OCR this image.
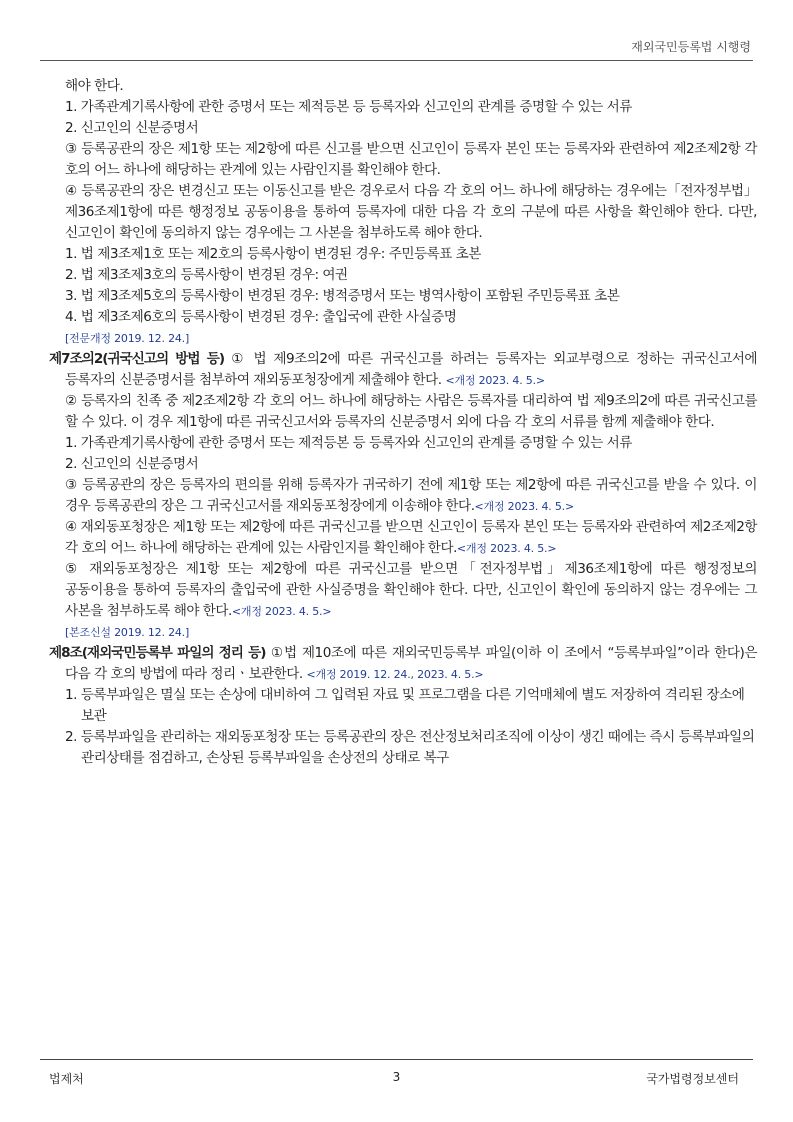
재외국민등록법 시행령

해야 한다.

1. 가족관계기록사항에 관한 증명서 또는 제적등본 등 등록자와 신고인의 관계를 증명할 수 있는 서류

2. 신고인의 신분증명서

③ 등록공관의 장은 제1항 또는 제2항에 따른 신고를 받으면 신고인이 등록자 본인 또는 등록자와 관련하여 제2조제2항 각 호의 어느 하나에 해당하는 관계에 있는 사람인지를 확인해야 한다.

④ 등록공관의 장은 변경신고 또는 이동신고를 받은 경우로서 다음 각 호의 어느 하나에 해당하는 경우에는「전자정부법」제36조제1항에 따른 행정정보 공동이용을 통하여 등록자에 대한 다음 각 호의 구분에 따른 사항을 확인해야 한다. 다만, 신고인이 확인에 동의하지 않는 경우에는 그 사본을 첨부하도록 해야 한다.

1. 법 제3조제1호 또는 제2호의 등록사항이 변경된 경우: 주민등록표 초본

2. 법 제3조제3호의 등록사항이 변경된 경우: 여권

3. 법 제3조제5호의 등록사항이 변경된 경우: 병적증명서 또는 병역사항이 포함된 주민등록표 초본

4. 법 제3조제6호의 등록사항이 변경된 경우: 출입국에 관한 사실증명

[전문개정 2019. 12. 24.]

제7조의2(귀국신고의 방법 등) ① 법 제9조의2에 따른 귀국신고를 하려는 등록자는 외교부령으로 정하는 귀국신고서에 등록자의 신분증명서를 첨부하여 재외동포청장에게 제출해야 한다. <개정 2023. 4. 5.>

② 등록자의 친족 중 제2조제2항 각 호의 어느 하나에 해당하는 사람은 등록자를 대리하여 법 제9조의2에 따른 귀국신고를 할 수 있다. 이 경우 제1항에 따른 귀국신고서와 등록자의 신분증명서 외에 다음 각 호의 서류를 함께 제출해야 한다.

1. 가족관계기록사항에 관한 증명서 또는 제적등본 등 등록자와 신고인의 관계를 증명할 수 있는 서류

2. 신고인의 신분증명서

③ 등록공관의 장은 등록자의 편의를 위해 등록자가 귀국하기 전에 제1항 또는 제2항에 따른 귀국신고를 받을 수 있다. 이 경우 등록공관의 장은 그 귀국신고서를 재외동포청장에게 이송해야 한다.<개정 2023. 4. 5.>

④ 재외동포청장은 제1항 또는 제2항에 따른 귀국신고를 받으면 신고인이 등록자 본인 또는 등록자와 관련하여 제2조제2항 각 호의 어느 하나에 해당하는 관계에 있는 사람인지를 확인해야 한다.<개정 2023. 4. 5.>

⑤ 재외동포청장은 제1항 또는 제2항에 따른 귀국신고를 받으면「전자정부법」제36조제1항에 따른 행정정보의 공동이용을 통하여 등록자의 출입국에 관한 사실증명을 확인해야 한다. 다만, 신고인이 확인에 동의하지 않는 경우에는 그 사본을 첨부하도록 해야 한다.<개정 2023. 4. 5.>

[본조신설 2019. 12. 24.]

제8조(재외국민등록부 파일의 정리 등) ①법 제10조에 따른 재외국민등록부 파일(이하 이 조에서 “등록부파일”이라 한다)은 다음 각 호의 방법에 따라 정리ㆍ보관한다. <개정 2019. 12. 24., 2023. 4. 5.>

1. 등록부파일은 멸실 또는 손상에 대비하여 그 입력된 자료 및 프로그램을 다른 기억매체에 별도 저장하여 격리된 장소에 보관

2. 등록부파일을 관리하는 재외동포청장 또는 등록공관의 장은 전산정보처리조직에 이상이 생긴 때에는 즉시 등록부파일의 관리상태를 점검하고, 손상된 등록부파일을 손상전의 상태로 복구

법제처	3	국가법령정보센터
